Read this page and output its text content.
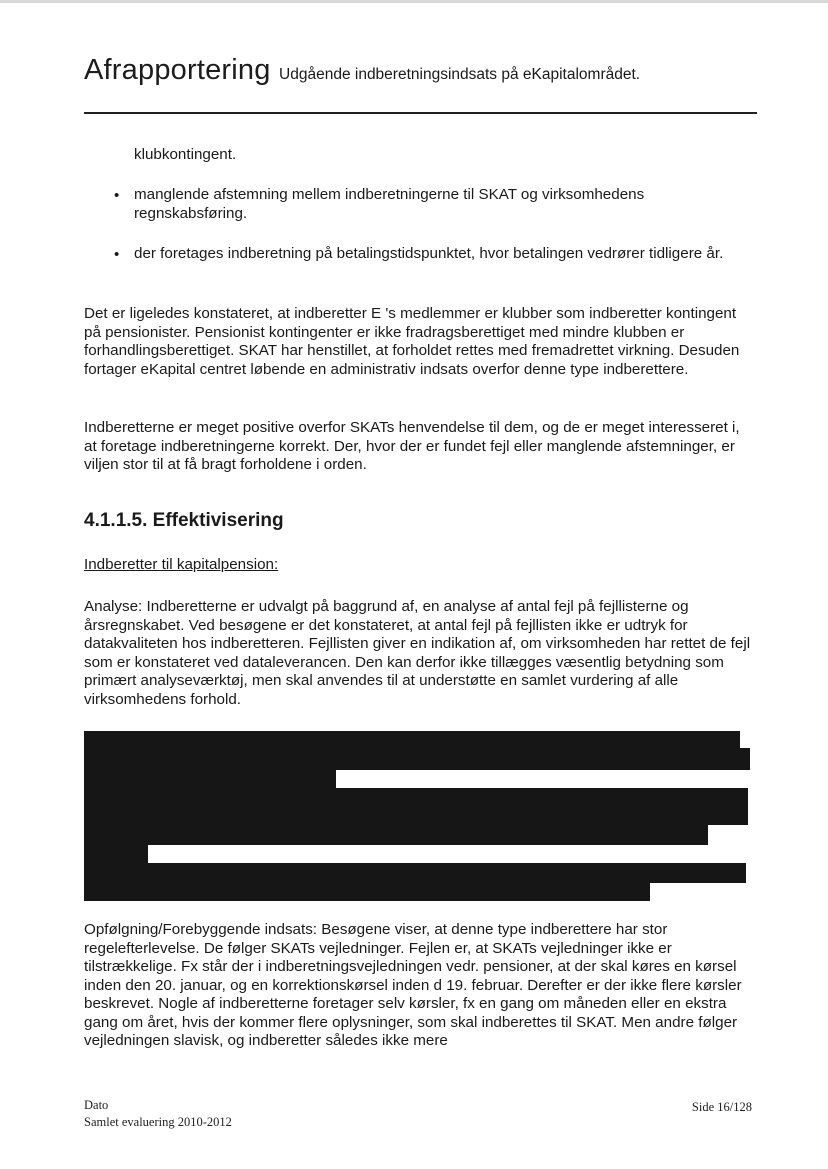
Afrapportering Udgående indberetningsindsats på eKapitalområdet.
klubkontingent.
• manglende afstemning mellem indberetningerne til SKAT og virksomhedens regnskabsføring.
• der foretages indberetning på betalingstidspunktet, hvor betalingen vedrører tidligere år.
Det er ligeledes konstateret, at indberetter E 's medlemmer er klubber som indberetter kontingent på pensionister. Pensionist kontingenter er ikke fradragsberettiget med mindre klubben er forhandlingsberettiget. SKAT har henstillet, at forholdet rettes med fremadrettet virkning. Desuden fortager eKapital centret løbende en administrativ indsats overfor denne type indberettere.
Indberetterne er meget positive overfor SKATs henvendelse til dem, og de er meget interesseret i, at foretage indberetningerne korrekt. Der, hvor der er fundet fejl eller manglende afstemninger, er viljen stor til at få bragt forholdene i orden.
4.1.1.5. Effektivisering
Indberetter til kapitalpension:
Analyse: Indberetterne er udvalgt på baggrund af, en analyse af antal fejl på fejllisterne og årsregnskabet. Ved besøgene er det konstateret, at antal fejl på fejllisten ikke er udtryk for datakvaliteten hos indberetteren. Fejllisten giver en indikation af, om virksomheden har rettet de fejl som er konstateret ved dataleverancen. Den kan derfor ikke tillægges væsentlig betydning som primært analyseværktøj, men skal anvendes til at understøtte en samlet vurdering af alle virksomhedens forhold.
Opfølgning/Forebyggende indsats: Besøgene viser, at denne type indberettere har stor regelefterlevelse. De følger SKATs vejledninger. Fejlen er, at SKATs vejledninger ikke er tilstrækkelige. Fx står der i indberetningsvejledningen vedr. pensioner, at der skal køres en kørsel inden den 20. januar, og en korrektionskørsel inden d 19. februar. Derefter er der ikke flere kørsler beskrevet. Nogle af indberetterne foretager selv kørsler, fx en gang om måneden eller en ekstra gang om året, hvis der kommer flere oplysninger, som skal indberettes til SKAT. Men andre følger vejledningen slavisk, og indberetter således ikke mere
Dato
Samlet evaluering 2010-2012
Side 16/128
